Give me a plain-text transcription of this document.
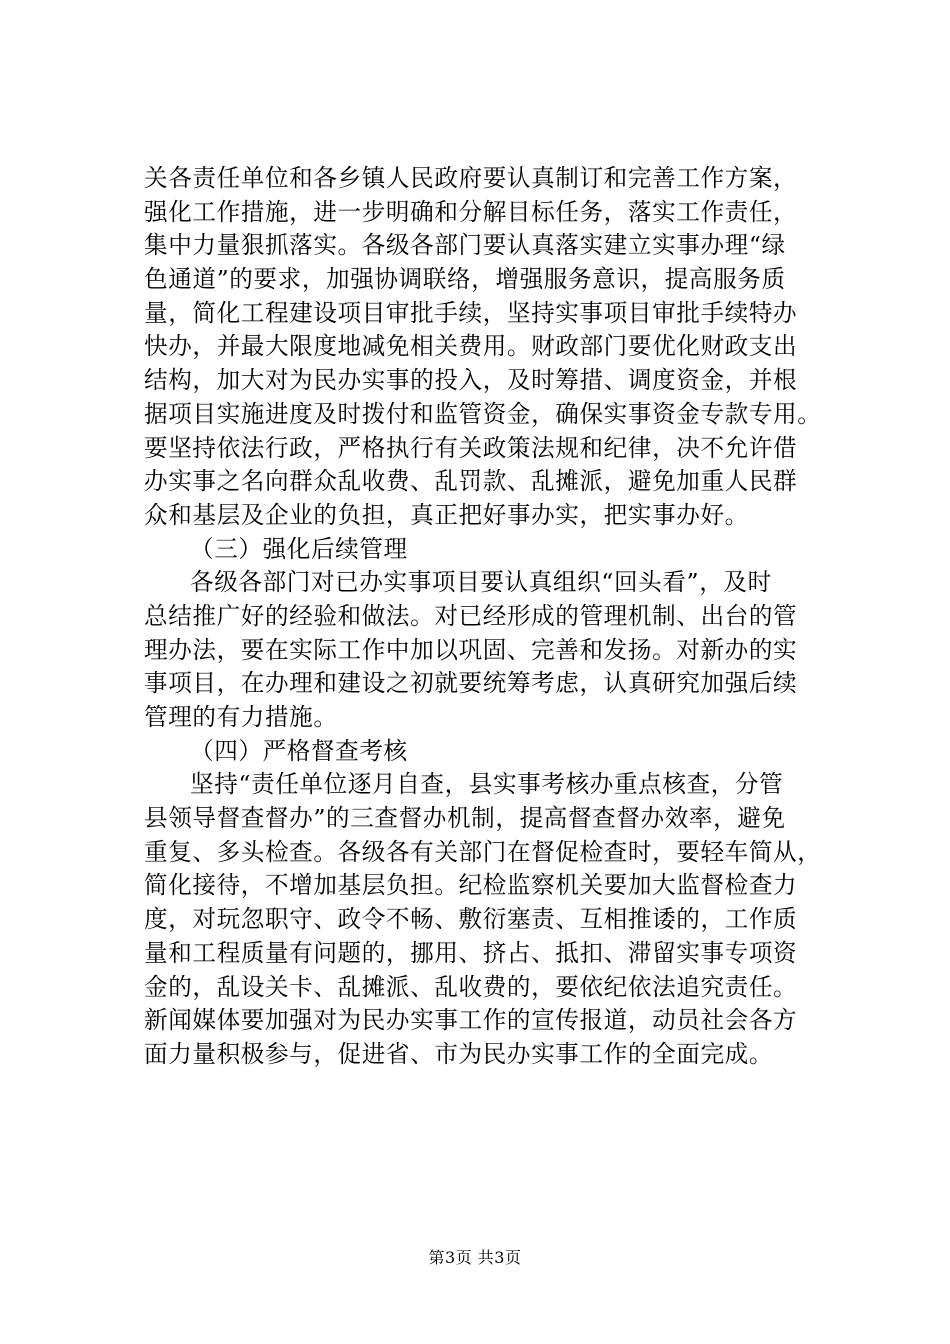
关各责任单位和各乡镇人民政府要认真制订和完善工作方案，
强化工作措施，进一步明确和分解目标任务，落实工作责任，
集中力量狠抓落实。各级各部门要认真落实建立实事办理“绿
色通道”的要求，加强协调联络，增强服务意识，提高服务质
量，简化工程建设项目审批手续，坚持实事项目审批手续特办
快办，并最大限度地减免相关费用。财政部门要优化财政支出
结构，加大对为民办实事的投入，及时筹措、调度资金，并根
据项目实施进度及时拨付和监管资金，确保实事资金专款专用。
要坚持依法行政，严格执行有关政策法规和纪律，决不允许借
办实事之名向群众乱收费、乱罚款、乱摊派，避免加重人民群
众和基层及企业的负担，真正把好事办实，把实事办好。
（三）强化后续管理
各级各部门对已办实事项目要认真组织“回头看”，及时
总结推广好的经验和做法。对已经形成的管理机制、出台的管
理办法，要在实际工作中加以巩固、完善和发扬。对新办的实
事项目，在办理和建设之初就要统筹考虑，认真研究加强后续
管理的有力措施。
（四）严格督查考核
坚持“责任单位逐月自查，县实事考核办重点核查，分管
县领导督查督办”的三查督办机制，提高督查督办效率，避免
重复、多头检查。各级各有关部门在督促检查时，要轻车简从，
简化接待，不增加基层负担。纪检监察机关要加大监督检查力
度，对玩忽职守、政令不畅、敷衍塞责、互相推诿的，工作质
量和工程质量有问题的，挪用、挤占、抵扣、滞留实事专项资
金的，乱设关卡、乱摊派、乱收费的，要依纪依法追究责任。
新闻媒体要加强对为民办实事工作的宣传报道，动员社会各方
面力量积极参与，促进省、市为民办实事工作的全面完成。
第3页 共3页
